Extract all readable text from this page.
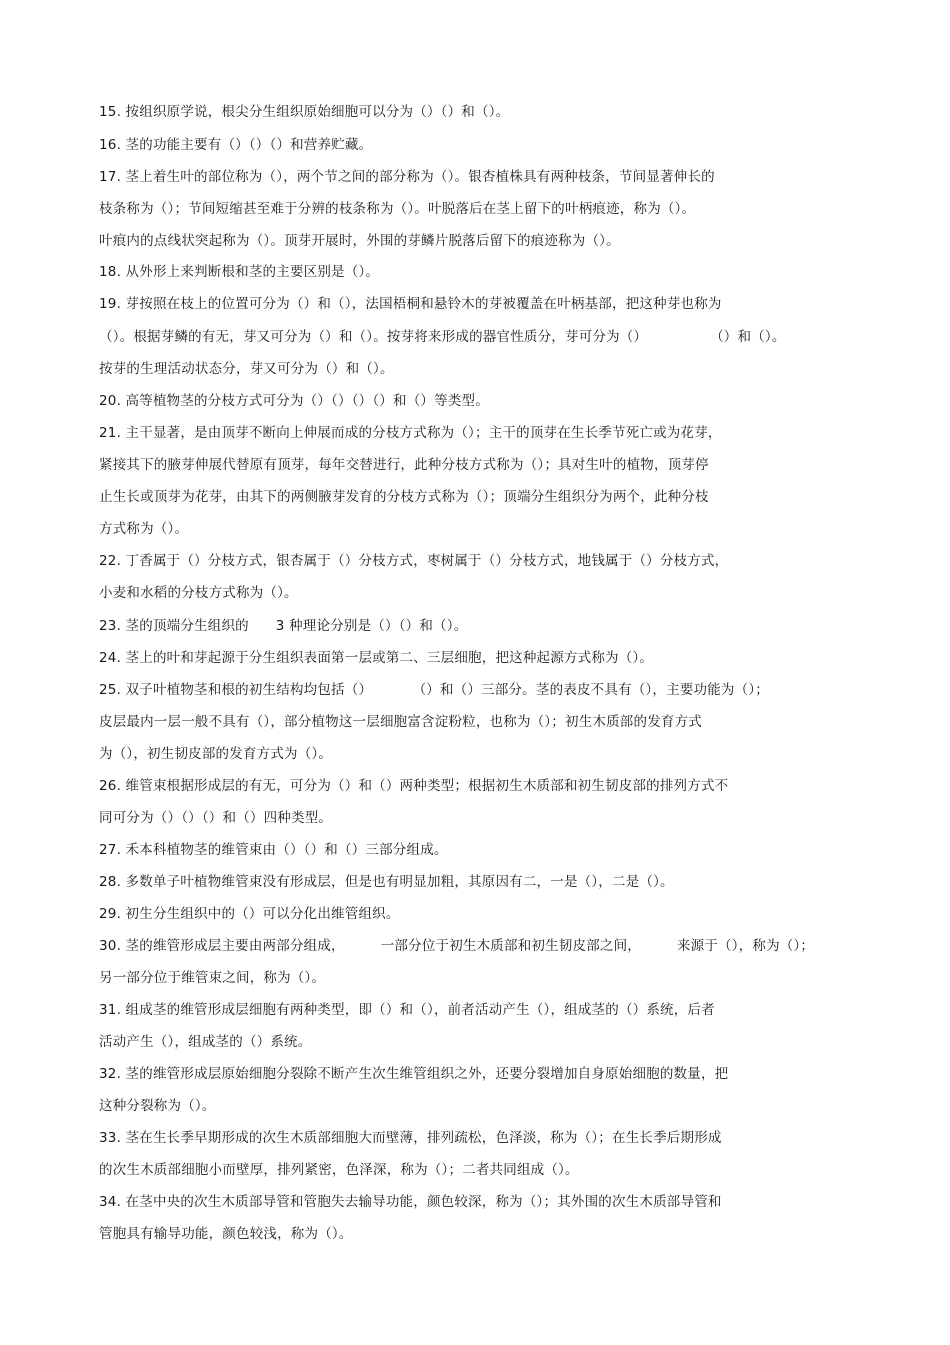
15. 按组织原学说，根尖分生组织原始细胞可以分为（）（）和（）。
16. 茎的功能主要有（）（）（）和营养贮藏。
17. 茎上着生叶的部位称为（），两个节之间的部分称为（）。银杏植株具有两种枝条，节间显著伸长的
枝条称为（）；节间短缩甚至难于分辨的枝条称为（）。叶脱落后在茎上留下的叶柄痕迹，称为（）。
叶痕内的点线状突起称为（）。顶芽开展时，外围的芽鳞片脱落后留下的痕迹称为（）。
18. 从外形上来判断根和茎的主要区别是（）。
19. 芽按照在枝上的位置可分为（）和（），法国梧桐和悬铃木的芽被覆盖在叶柄基部，把这种芽也称为
（）。根据芽鳞的有无，芽又可分为（）和（）。按芽将来形成的器官性质分，芽可分为（）              （）和（）。
按芽的生理活动状态分，芽又可分为（）和（）。
20. 高等植物茎的分枝方式可分为（）（）（）（）和（）等类型。
21. 主干显著，是由顶芽不断向上伸展而成的分枝方式称为（）；主干的顶芽在生长季节死亡或为花芽，
紧接其下的腋芽伸展代替原有顶芽，每年交替进行，此种分枝方式称为（）；具对生叶的植物，顶芽停
止生长或顶芽为花芽，由其下的两侧腋芽发育的分枝方式称为（）；顶端分生组织分为两个，此种分枝
方式称为（）。
22. 丁香属于（）分枝方式，银杏属于（）分枝方式，枣树属于（）分枝方式，地钱属于（）分枝方式，
小麦和水稻的分枝方式称为（）。
23. 茎的顶端分生组织的      3 种理论分别是（）（）和（）。
24. 茎上的叶和芽起源于分生组织表面第一层或第二、三层细胞，把这种起源方式称为（）。
25. 双子叶植物茎和根的初生结构均包括（）         （）和（）三部分。茎的表皮不具有（），主要功能为（）；
皮层最内一层一般不具有（），部分植物这一层细胞富含淀粉粒，也称为（）；初生木质部的发育方式
为（），初生韧皮部的发育方式为（）。
26. 维管束根据形成层的有无，可分为（）和（）两种类型；根据初生木质部和初生韧皮部的排列方式不
同可分为（）（）（）和（）四种类型。
27. 禾本科植物茎的维管束由（）（）和（）三部分组成。
28. 多数单子叶植物维管束没有形成层，但是也有明显加粗，其原因有二，一是（），二是（）。
29. 初生分生组织中的（）可以分化出维管组织。
30. 茎的维管形成层主要由两部分组成，        一部分位于初生木质部和初生韧皮部之间，        来源于（），称为（）；
另一部分位于维管束之间，称为（）。
31. 组成茎的维管形成层细胞有两种类型，即（）和（），前者活动产生（），组成茎的（）系统，后者
活动产生（），组成茎的（）系统。
32. 茎的维管形成层原始细胞分裂除不断产生次生维管组织之外，还要分裂增加自身原始细胞的数量，把
这种分裂称为（）。
33. 茎在生长季早期形成的次生木质部细胞大而壁薄，排列疏松，色泽淡，称为（）；在生长季后期形成
的次生木质部细胞小而壁厚，排列紧密，色泽深，称为（）；二者共同组成（）。
34. 在茎中央的次生木质部导管和管胞失去输导功能，颜色较深，称为（）；其外围的次生木质部导管和
管胞具有输导功能，颜色较浅，称为（）。
